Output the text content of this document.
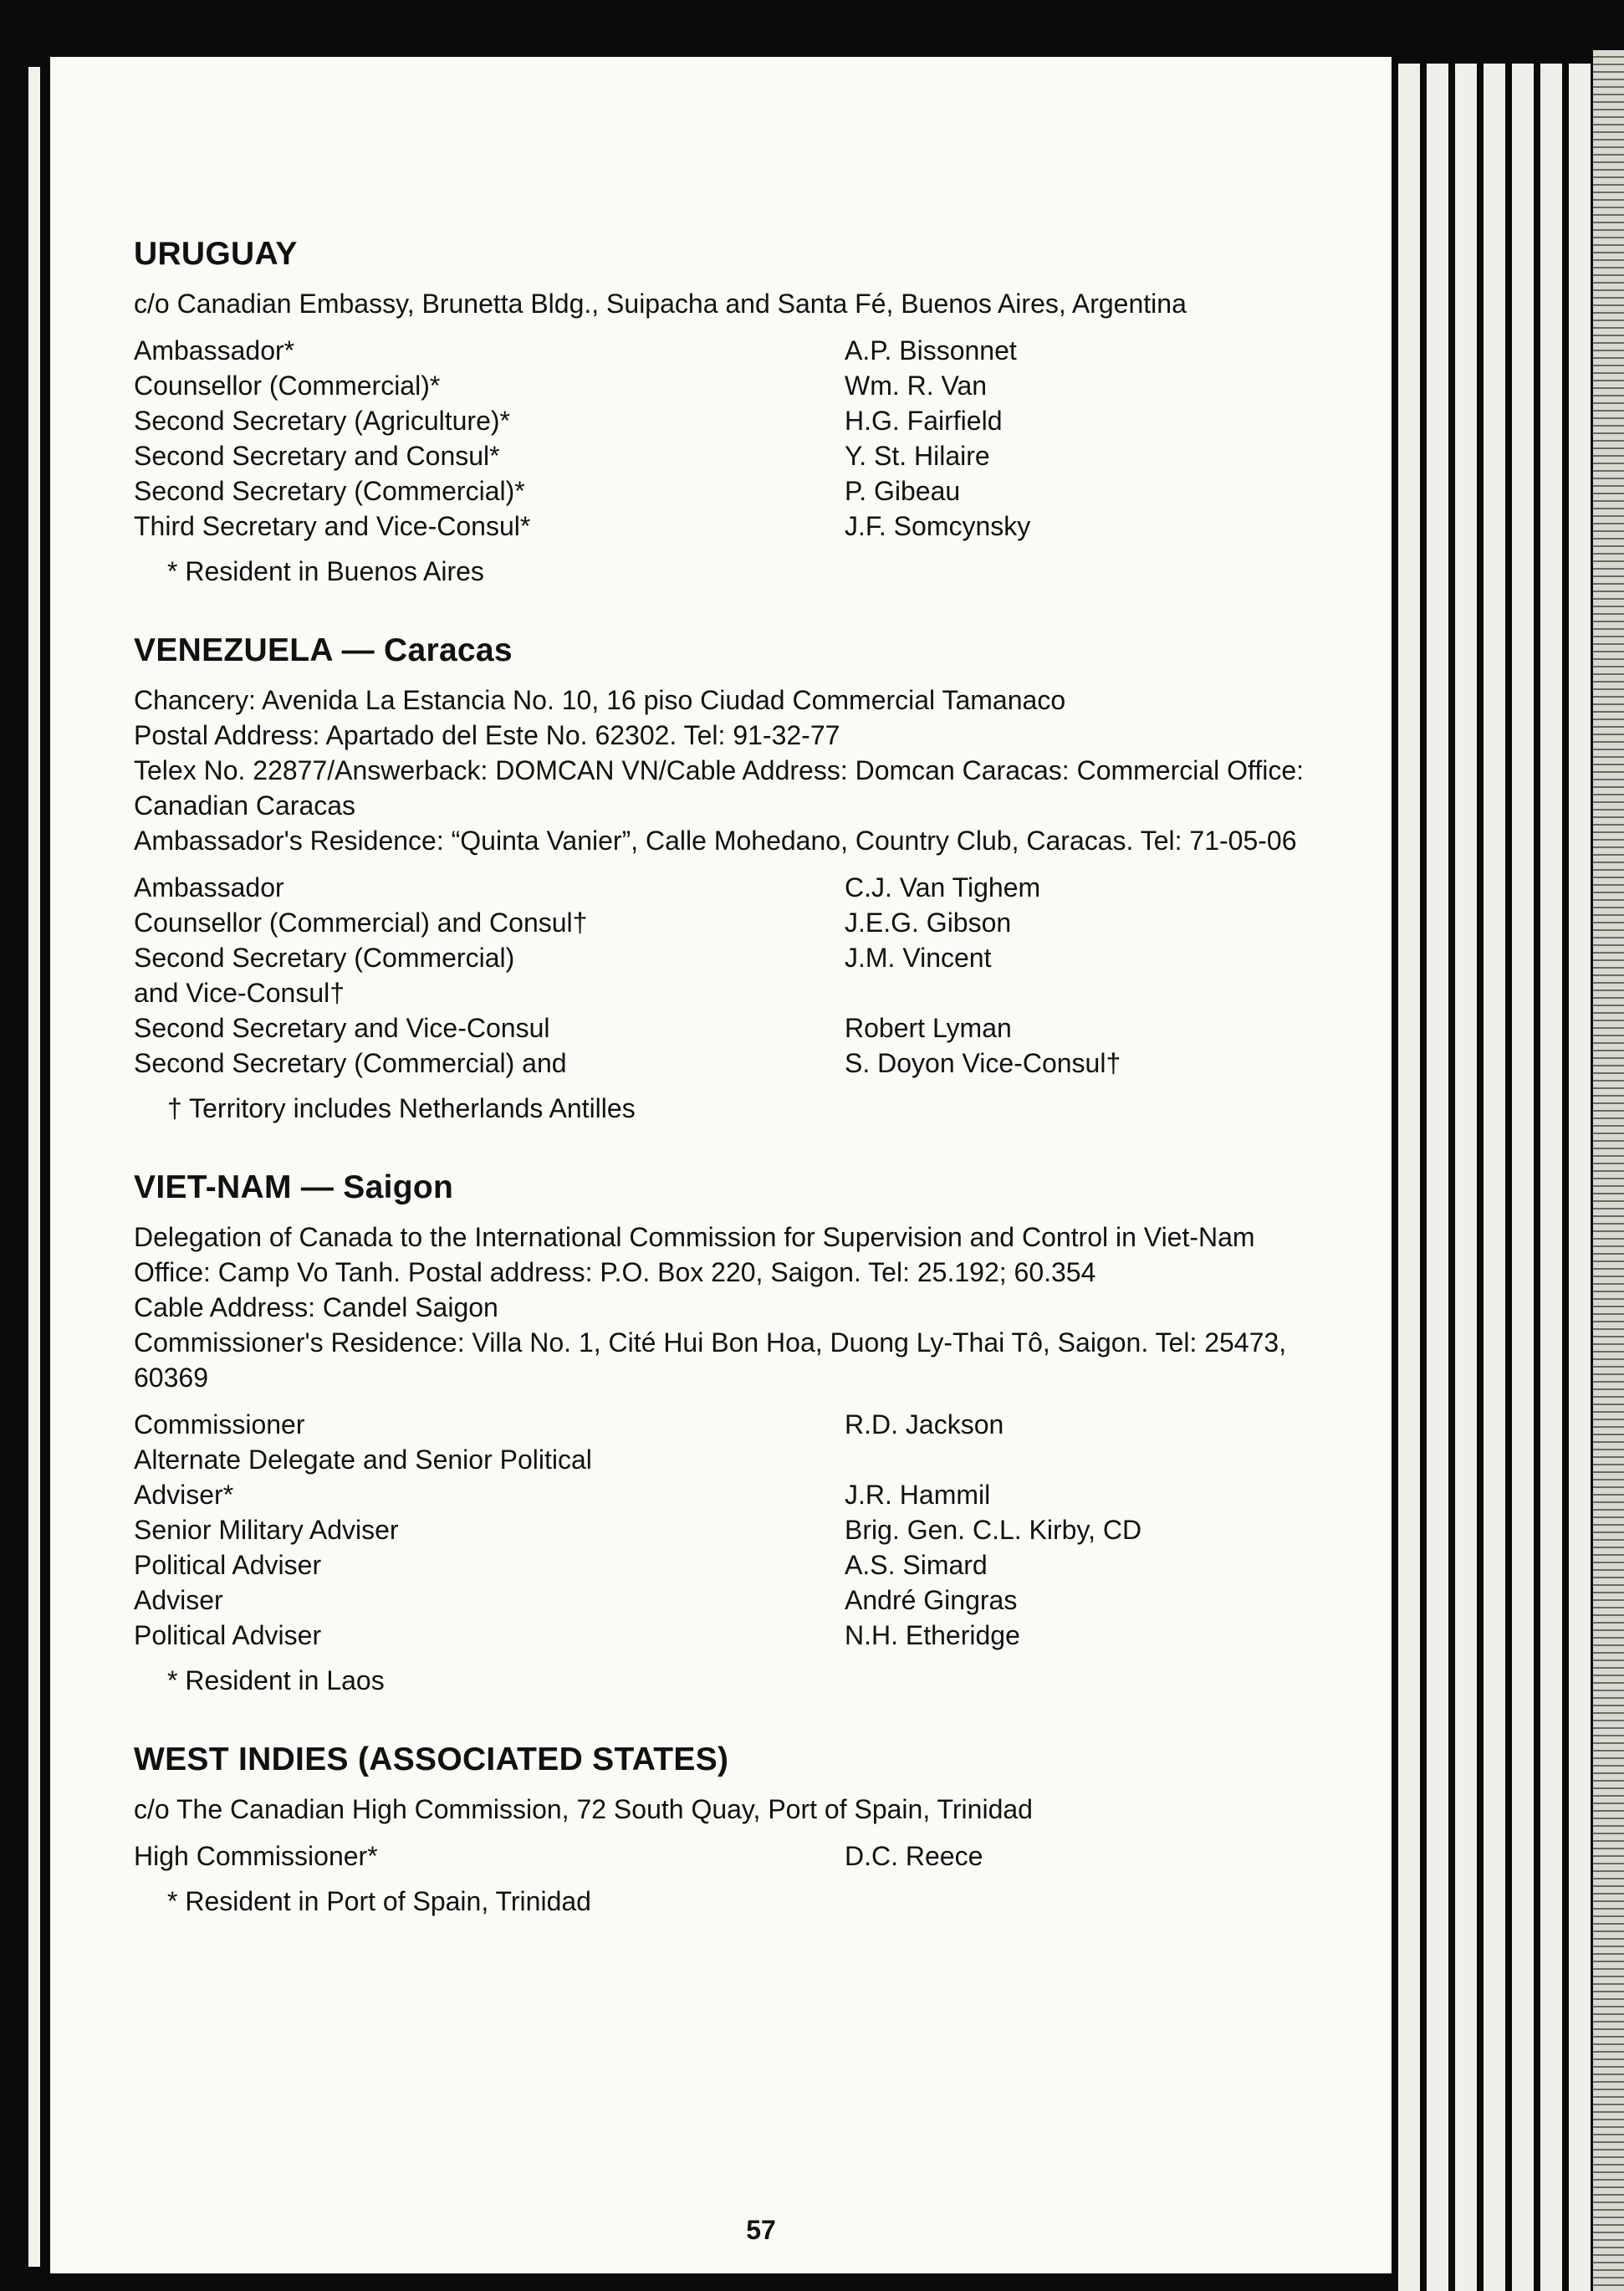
URUGUAY

c/o Canadian Embassy, Brunetta Bldg., Suipacha and Santa Fé, Buenos Aires, Argentina

Ambassador*	A.P. Bissonnet
Counsellor (Commercial)*	Wm. R. Van
Second Secretary (Agriculture)*	H.G. Fairfield
Second Secretary and Consul*	Y. St. Hilaire
Second Secretary (Commercial)*	P. Gibeau
Third Secretary and Vice-Consul*	J.F. Somcynsky
* Resident in Buenos Aires
VENEZUELA — Caracas

Chancery: Avenida La Estancia No. 10, 16 piso Ciudad Commercial Tamanaco

Postal Address: Apartado del Este No. 62302. Tel: 91-32-77

Telex No. 22877/Answerback: DOMCAN VN/Cable Address: Domcan Caracas: Commercial Office: Canadian Caracas

Ambassador's Residence: “Quinta Vanier”, Calle Mohedano, Country Club, Caracas. Tel: 71-05-06

Ambassador	C.J. Van Tighem
Counsellor (Commercial) and Consul†	J.E.G. Gibson
Second Secretary (Commercial)	J.M. Vincent
and Vice-Consul†
Second Secretary and Vice-Consul	Robert Lyman
Second Secretary (Commercial) and	S. Doyon Vice-Consul†
† Territory includes Netherlands Antilles
VIET-NAM — Saigon

Delegation of Canada to the International Commission for Supervision and Control in Viet-Nam

Office: Camp Vo Tanh. Postal address: P.O. Box 220, Saigon. Tel: 25.192; 60.354

Cable Address: Candel Saigon

Commissioner's Residence: Villa No. 1, Cité Hui Bon Hoa, Duong Ly-Thai Tô, Saigon. Tel: 25473, 60369

Commissioner	R.D. Jackson
Alternate Delegate and Senior Political
Adviser*	J.R. Hammil
Senior Military Adviser	Brig. Gen. C.L. Kirby, CD
Political Adviser	A.S. Simard
Adviser	André Gingras
Political Adviser	N.H. Etheridge
* Resident in Laos
WEST INDIES (ASSOCIATED STATES)

c/o The Canadian High Commission, 72 South Quay, Port of Spain, Trinidad

High Commissioner*	D.C. Reece
* Resident in Port of Spain, Trinidad
57
